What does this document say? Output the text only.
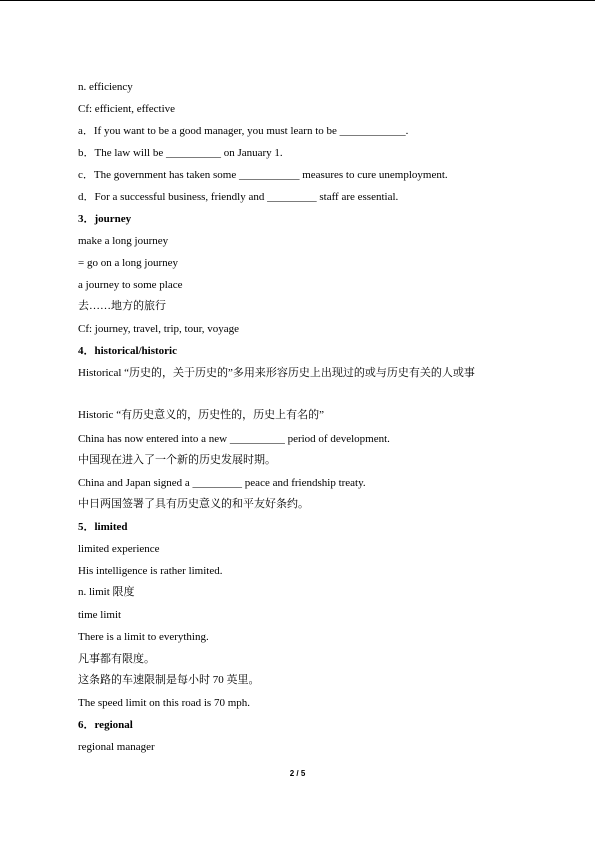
n. efficiency
Cf: efficient, effective
a．If you want to be a good manager, you must learn to be ____________.
b．The law will be __________ on January 1.
c．The government has taken some ___________ measures to cure unemployment.
d．For a successful business, friendly and _________ staff are essential.
3．journey
make a long journey
= go on a long journey
a journey to some place
去……地方的旅行
Cf: journey, travel, trip, tour, voyage
4．historical/historic
Historical “历史的，关于历史的”多用来形容历史上出现过的或与历史有关的人或事
Historic “有历史意义的，历史性的，历史上有名的”
China has now entered into a new __________ period of development.
中国现在进入了一个新的历史发展时期。
China and Japan signed a _________ peace and friendship treaty.
中日两国签署了具有历史意义的和平友好条约。
5．limited
limited experience
His intelligence is rather limited.
n. limit 限度
time limit
There is a limit to everything.
凡事都有限度。
这条路的车速限制是每小时 70 英里。
The speed limit on this road is 70 mph.
6．regional
regional manager
2 / 5
